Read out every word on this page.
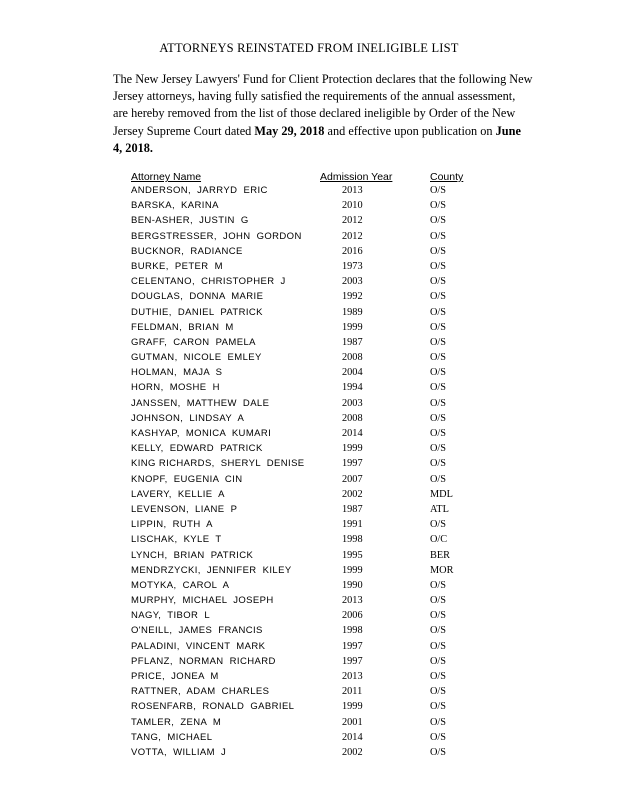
ATTORNEYS REINSTATED FROM INELIGIBLE LIST
The New Jersey Lawyers' Fund for Client Protection declares that the following New Jersey attorneys, having fully satisfied the requirements of the annual assessment, are hereby removed from the list of those declared ineligible by Order of the New Jersey Supreme Court dated May 29, 2018 and effective upon publication on June 4, 2018.
Attorney Name	Admission Year	County
ANDERSON,  JARRYD  ERIC	2013	O/S
BARSKA,  KARINA	2010	O/S
BEN-ASHER,  JUSTIN  G	2012	O/S
BERGSTRESSER,  JOHN  GORDON	2012	O/S
BUCKNOR,  RADIANCE	2016	O/S
BURKE,  PETER  M	1973	O/S
CELENTANO,  CHRISTOPHER  J	2003	O/S
DOUGLAS,  DONNA  MARIE	1992	O/S
DUTHIE,  DANIEL  PATRICK	1989	O/S
FELDMAN,  BRIAN  M	1999	O/S
GRAFF,  CARON  PAMELA	1987	O/S
GUTMAN,  NICOLE  EMLEY	2008	O/S
HOLMAN,  MAJA  S	2004	O/S
HORN,  MOSHE  H	1994	O/S
JANSSEN,  MATTHEW  DALE	2003	O/S
JOHNSON,  LINDSAY  A	2008	O/S
KASHYAP,  MONICA  KUMARI	2014	O/S
KELLY,  EDWARD  PATRICK	1999	O/S
KING RICHARDS,  SHERYL  DENISE	1997	O/S
KNOPF,  EUGENIA  CIN	2007	O/S
LAVERY,  KELLIE  A	2002	MDL
LEVENSON,  LIANE  P	1987	ATL
LIPPIN,  RUTH  A	1991	O/S
LISCHAK,  KYLE  T	1998	O/C
LYNCH,  BRIAN  PATRICK	1995	BER
MENDRZYCKI,  JENNIFER  KILEY	1999	MOR
MOTYKA,  CAROL  A	1990	O/S
MURPHY,  MICHAEL  JOSEPH	2013	O/S
NAGY,  TIBOR  L	2006	O/S
O'NEILL,  JAMES  FRANCIS	1998	O/S
PALADINI,  VINCENT  MARK	1997	O/S
PFLANZ,  NORMAN  RICHARD	1997	O/S
PRICE,  JONEA  M	2013	O/S
RATTNER,  ADAM  CHARLES	2011	O/S
ROSENFARB,  RONALD  GABRIEL	1999	O/S
TAMLER,  ZENA  M	2001	O/S
TANG,  MICHAEL	2014	O/S
VOTTA,  WILLIAM  J	2002	O/S
